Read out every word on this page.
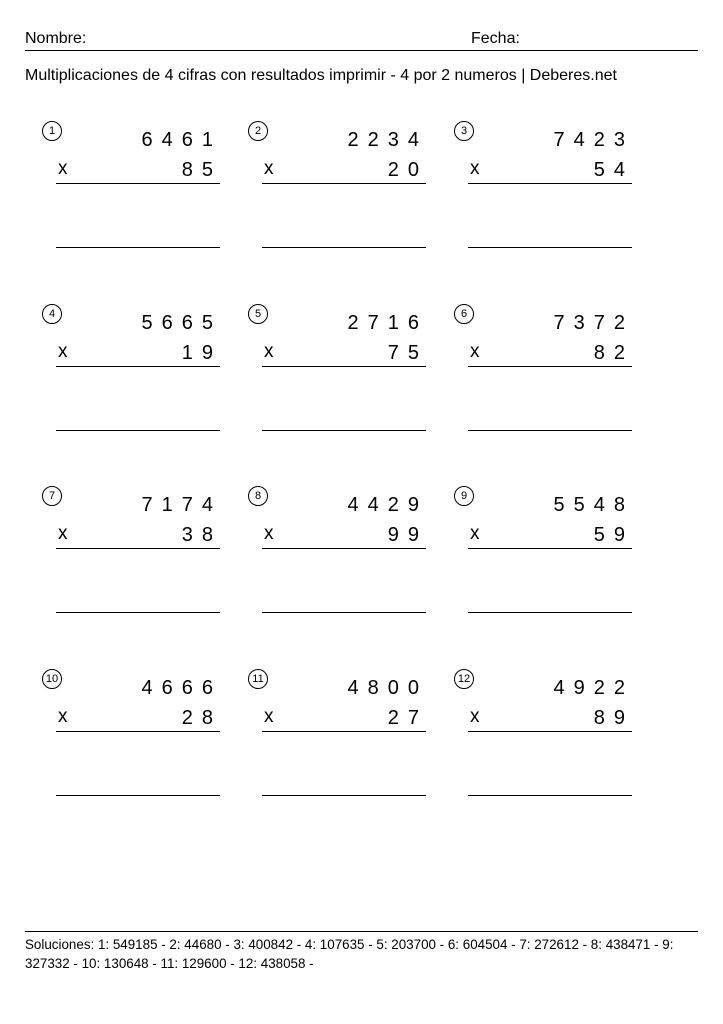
Nombre:	Fecha:
Multiplicaciones de 4 cifras con resultados imprimir - 4 por 2 numeros | Deberes.net
1	6461
x	85
2	2234
x	20
3	7423
x	54
4	5665
x	19
5	2716
x	75
6	7372
x	82
7	7174
x	38
8	4429
x	99
9	5548
x	59
10	4666
x	28
11	4800
x	27
12	4922
x	89
Soluciones: 1: 549185 - 2: 44680 - 3: 400842 - 4: 107635 - 5: 203700 - 6: 604504 - 7: 272612 - 8: 438471 - 9: 327332 - 10: 130648 - 11: 129600 - 12: 438058 -
